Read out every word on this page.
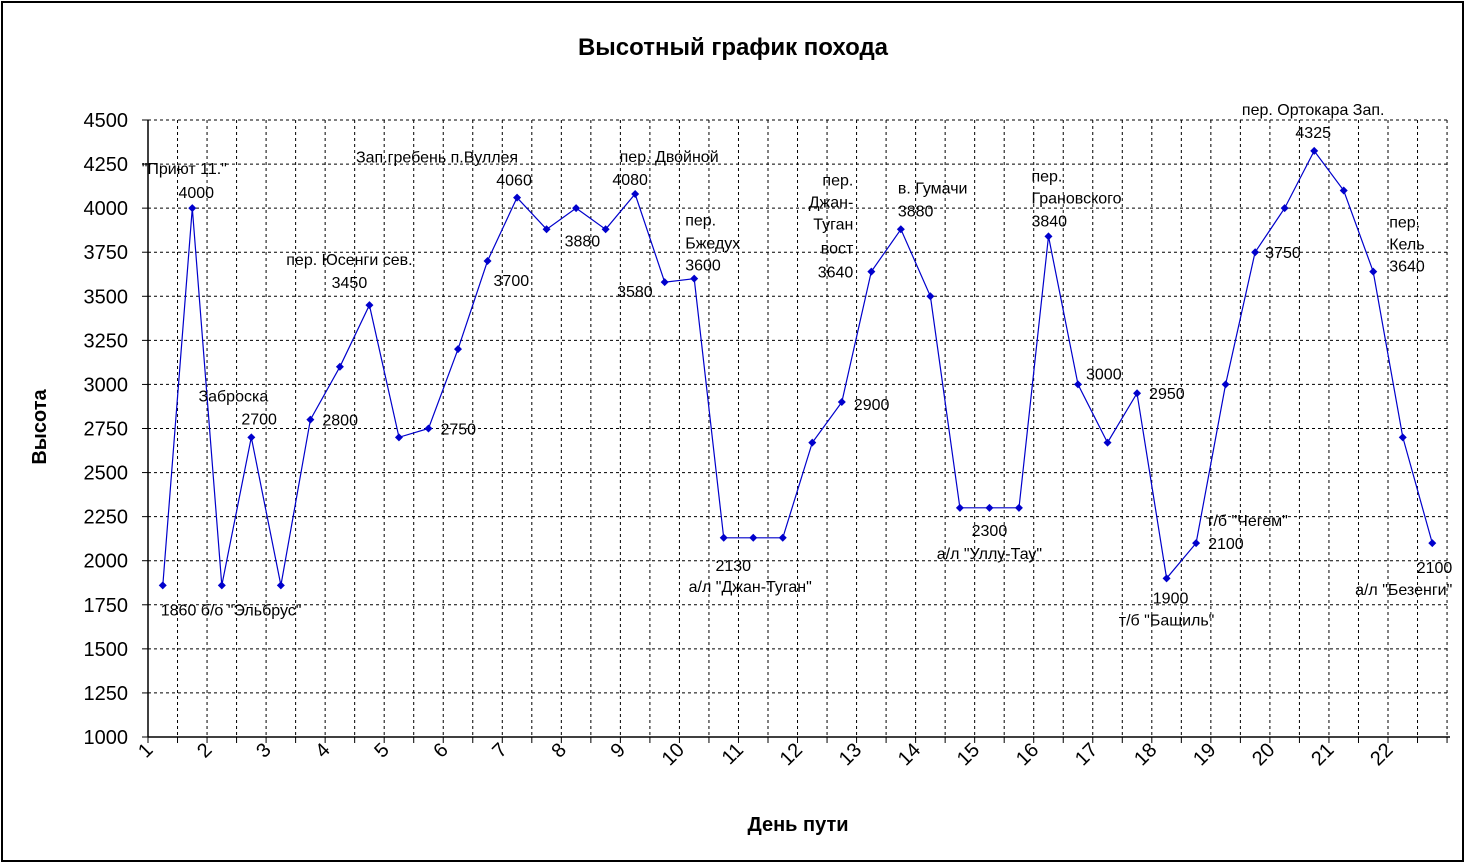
Высотный график похода
1000
1250
1500
1750
2000
2250
2500
2750
3000
3250
3500
3750
4000
4250
4500
1 2 3 4 5 6 7 8 9 10 11 12 13 14 15 16 17 18 19 20 21 22
"Приют 11."
4000
1860 б/о "Эльбрус"
Заброска
2700	2800
пер. Юсенги сев.
3450
2750
3700
Зап.гребень п.Вуллея
4060
3880
пер. Двойной
4080
3580
пер.
Бжедух
3600
2130
а/л "Джан-Туган"
2900
пер.
Джан-
Туган
вост
3640
в. Гумачи
3880
2300
а/л "Уллу-Тау"
пер.
Грановского
3840
3000
2950
1900
т/б "Башиль"
т/б "Чегем"
2100
3750
пер. Ортокара Зап.
4325
пер.
Кель
3640
2100
а/л "Безенги"
День пути
Высота
